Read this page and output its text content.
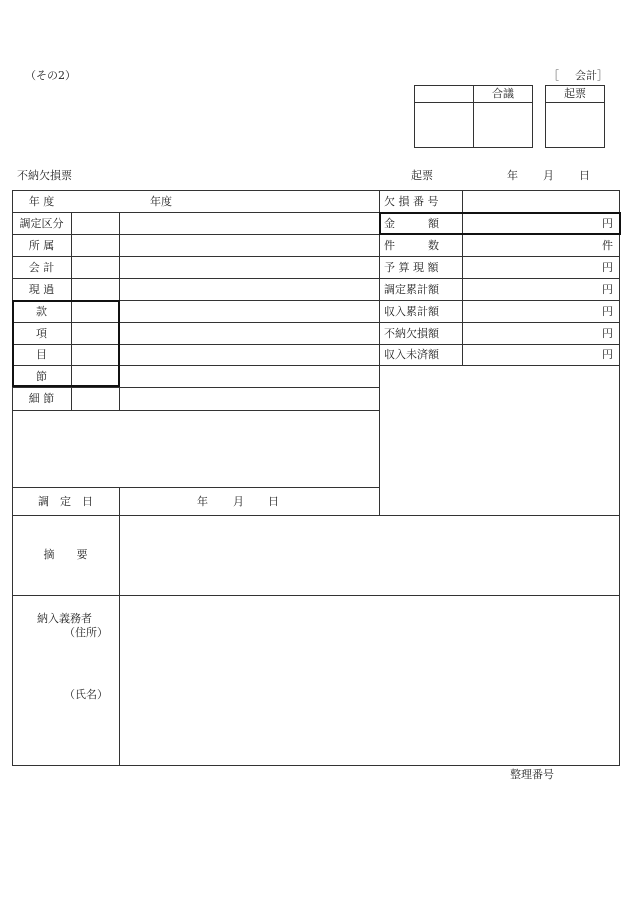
（その2）	［ 会計］
合議	起票
不納欠損票	起票	年 月 日
年 度	年度
調定区分
所 属
会 計
現 過
款
項
目
節
細 節
調　定　日	年 月 日
欠 損 番 号
金　　　額	円
件　　　数	件
予 算 現 額	円
調定累計額	円
収入累計額	円
不納欠損額	円
収入未済額	円
摘　　要
納入義務者
（住所）
（氏名）
整理番号
